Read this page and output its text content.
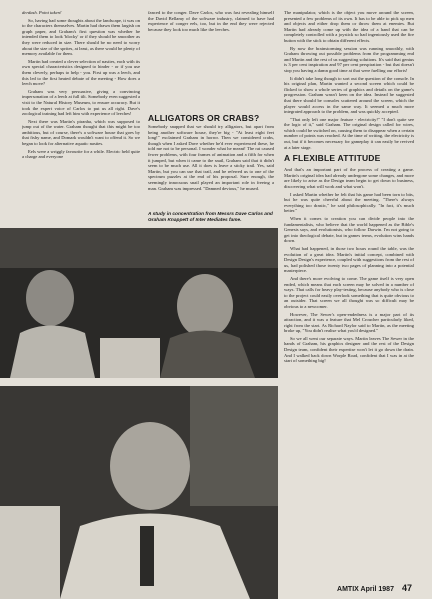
derdash. Point taken!

So, having had some thoughts about the landscape, it was on to the characters themselves. Martin had drawn them largish on graph paper, and Graham's first question was whether he intended them to look 'blocky' or if they should be smoother as they were reduced in size. There should be no need to worry about the size of the sprites, at least, as there would be plenty of memory available for them.

Martin had created a clever selection of nasties, each with its own special characteristics designed to hinder - or if you use them cleverly, perhaps to help - you. First up was a leech, and this led to the first heated debate of the meeting - How does a leech move?

Graham was very persuasive, giving a convincing impersonation of a leech at full tilt. Somebody even suggested a visit to the Natural History Museum, to ensure accuracy. But it took the expert voice of Carlos to put us all right. Dave's zoological training had left him with experience of leeches!

Next there was Martin's piranha, which was supposed to jump out of the water. Graham thought that this might be too ambitious, but of course, there's a software house that goes by that fishy name, and Domark wouldn't want to offend it. So we began to look for alternative aquatic nasties.

Eels were a wriggly favourite for a while. Electric held quite a charge and everyone

fanced to the conger. Dave Carlos, who was fast revealing himself the David Bellamy of the software industry, claimed to have had experience of conger eels, too, but in the end they were rejected because they look too much like the leeches.

ALLIGATORS OR CRABS?

Somebody snapped that we should try alligators, but apart from being another software house, they're big - "At least eight feet long!" exclaimed Graham in horror. Then we considered crabs, though when I asked Dave whether he'd ever experienced these, he told me not to be personal. I wonder what he meant! The rat caused fewer problems, with four frames of animation and a fifth for when it jumped, but when it came to the snail, Graham said that it didn't seem to be much use. All it does is leave a sticky trail. Yes, said Martin, but you can use that trail, and he referred us to one of the spectrum puzzles at the end of his proposal. Sure enough, the seemingly innocuous snail played an important role in freeing a man. Graham was impressed. "Damned devious," he mused.

A study in concentration from Messrs Dave Carlos and Graham Knappett of Inter Mediates fame.

The manipulator, which is the object you move around the screen, presented a few problems of its own. It has to be able to pick up men and objects and either drop them or throw them at enemies. But Martin had already come up with the idea of a hand that can be completely controlled with a joystick so had ingeniously used the fire button with the stick to obtain different effects.

By now the brainstorming session was running smoothly, with Graham throwing out possible problems from the programming end and Martin and the rest of us suggesting solutions. It's said that genius is 3 per cent inspiration and 97 per cent perspiration - but that doesn't stop you having a damn good time at that were fuelling our efforts!

It didn't take long though to sort out the question of the console. In his original plan, Martin wanted a second screen which could be flicked to show a whole series of graphics and details on the game's progression. Graham wasn't keen on the idea. Instead he suggested that there should be consoles scattered around the screen, which the player would access in the same way. It seemed a much more integrated approach to the problem, and was quickly accepted.

"That only left one major feature - electricity!" "I don't quite see the logic of it," said Graham. The original design called for wires, which could be switched on, causing them to disappear when a certain number of points was reached. At the time of writing, the electricity is out, but if it becomes necessary for gameplay it can easily be revived at a later stage.

A FLEXIBLE ATTITUDE

And that's an important part of the process of creating a game. Martin's original idea had already undergone some changes, and more are likely to arise as the Design team begin to get down to business, discovering what will work and what won't.

I asked Martin whether he felt that his game had been torn to bits, but he was quite cheerful about the meeting. "There's always everything too drastic," he said philosophically. "In fact, it's much better."

When it comes to creation you can divide people into the fundamentalists, who believe that the world happened as the Bible's Genesis says, and evolutionists, who follow Darwin. I'm not going to get into theological debate, but in games terms, evolution wins hands down.

What had happened, in those two hours round the table, was the evolution of a great idea. Martin's initial concept, combined with Design Design's experience, coupled with suggestions from the rest of us, had polished those twenty two pages of planning into a potential masterpiece.

And there's more evolving to come. The game itself is very open ended, which means that each screen may be solved in a number of ways. That calls for heavy play-testing, because anybody who is close to the project could easily overlook something that is quite obvious to an outsider. That screen we all thought was so difficult may be obvious to a newcomer.

However, The Sewer's open-endedness is a major part of its attraction, and it was a feature that Mel Croucher particularly liked, right from the start. As Richard Naylor said to Martin, as the meeting broke up, "You didn't realise what you'd designed."

So we all went our separate ways. Martin leaves The Sewer in the hands of Graham, his graphics designer and the rest of the Design Design team, confident their expertise won't let it go down the drain. And I walked back down Worple Road, confident that I was in at the start of something big!

AMTIX April 1987 47
